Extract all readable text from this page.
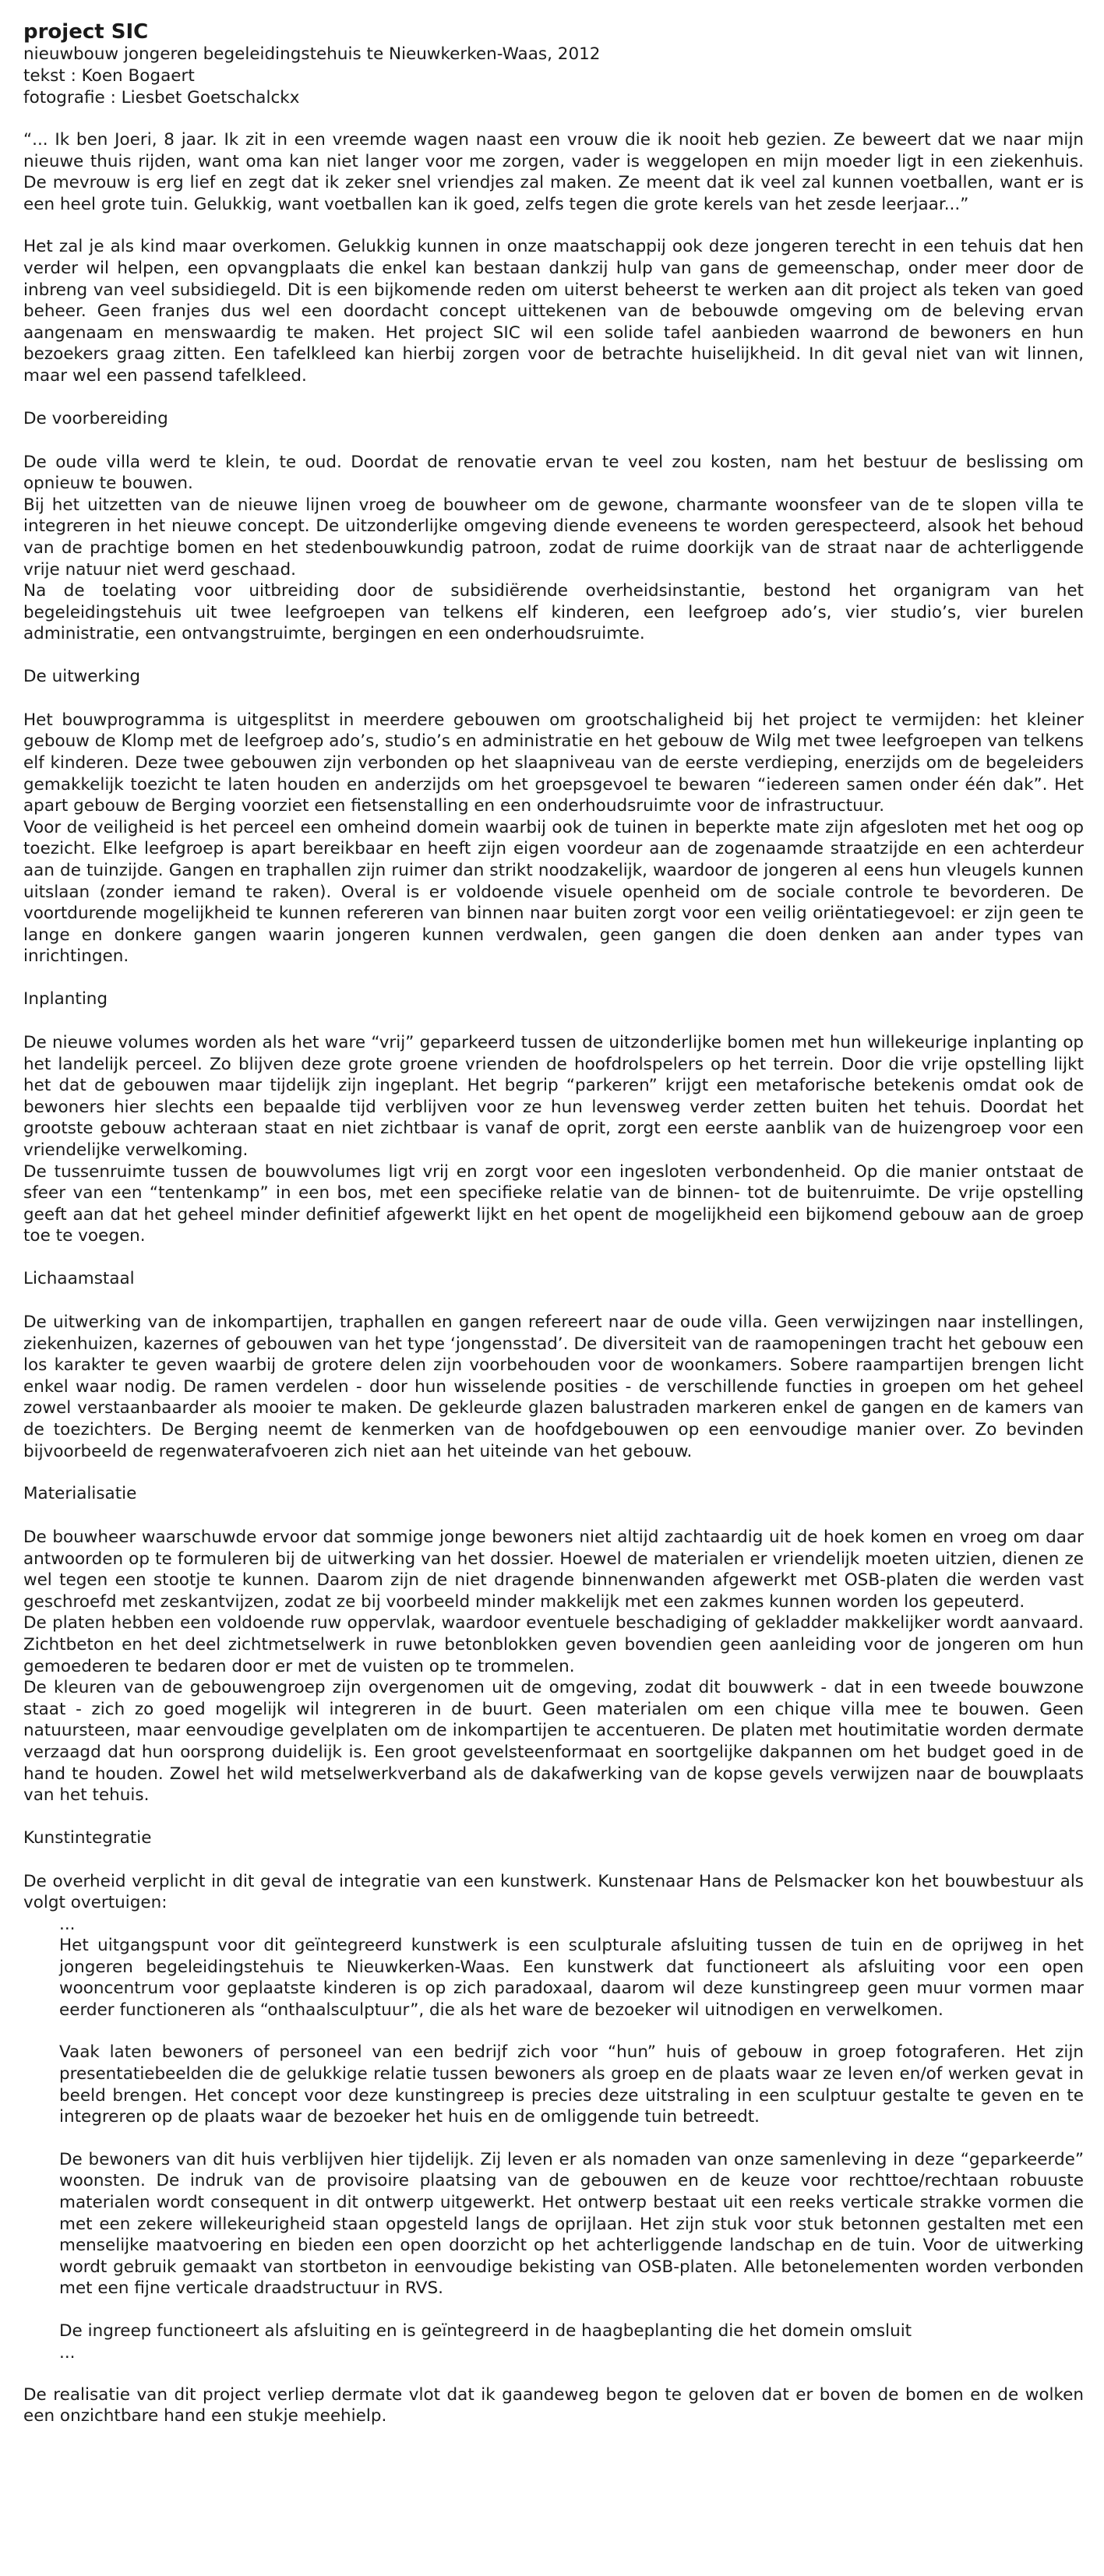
project SIC

nieuwbouw jongeren begeleidingstehuis te Nieuwkerken-Waas, 2012

tekst : Koen Bogaert

fotografie : Liesbet Goetschalckx

“... Ik ben Joeri, 8 jaar. Ik zit in een vreemde wagen naast een vrouw die ik nooit heb gezien. Ze beweert dat we naar mijn nieuwe thuis rijden, want oma kan niet langer voor me zorgen, vader is weggelopen en mijn moeder ligt in een ziekenhuis. De mevrouw is erg lief en zegt dat ik zeker snel vriendjes zal maken. Ze meent dat ik veel zal kunnen voetballen, want er is een heel grote tuin. Gelukkig, want voetballen kan ik goed, zelfs tegen die grote kerels van het zesde leerjaar...”

Het zal je als kind maar overkomen. Gelukkig kunnen in onze maatschappij ook deze jongeren terecht in een tehuis dat hen verder wil helpen, een opvangplaats die enkel kan bestaan dankzij hulp van gans de gemeenschap, onder meer door de inbreng van veel subsidiegeld. Dit is een bijkomende reden om uiterst beheerst te werken aan dit project als teken van goed beheer. Geen franjes dus wel een doordacht concept uittekenen van de bebouwde omgeving om de beleving ervan aangenaam en menswaardig te maken. Het project SIC wil een solide tafel aanbieden waarrond de bewoners en hun bezoekers graag zitten. Een tafelkleed kan hierbij zorgen voor de betrachte huiselijkheid. In dit geval niet van wit linnen, maar wel een passend tafelkleed.

De voorbereiding

De oude villa werd te klein, te oud. Doordat de renovatie ervan te veel zou kosten, nam het bestuur de beslissing om opnieuw te bouwen.

Bij het uitzetten van de nieuwe lijnen vroeg de bouwheer om de gewone, charmante woonsfeer van de te slopen villa te integreren in het nieuwe concept. De uitzonderlijke omgeving diende eveneens te worden gerespecteerd, alsook het behoud van de prachtige bomen en het stedenbouwkundig patroon, zodat de ruime doorkijk van de straat naar de achterliggende vrije natuur niet werd geschaad.

Na de toelating voor uitbreiding door de subsidiërende overheidsinstantie, bestond het organigram van het begeleidingstehuis uit twee leefgroepen van telkens elf kinderen, een leefgroep ado’s, vier studio’s, vier burelen administratie, een ontvangstruimte, bergingen en een onderhoudsruimte.

De uitwerking

Het bouwprogramma is uitgesplitst in meerdere gebouwen om grootschaligheid bij het project te vermijden: het kleiner gebouw de Klomp met de leefgroep ado’s, studio’s en administratie en het gebouw de Wilg met twee leefgroepen van telkens elf kinderen. Deze twee gebouwen zijn verbonden op het slaapniveau van de eerste verdieping, enerzijds om de begeleiders gemakkelijk toezicht te laten houden en anderzijds om het groepsgevoel te bewaren “iedereen samen onder één dak”. Het apart gebouw de Berging voorziet een fietsenstalling en een onderhoudsruimte voor de infrastructuur.

Voor de veiligheid is het perceel een omheind domein waarbij ook de tuinen in beperkte mate zijn afgesloten met het oog op toezicht. Elke leefgroep is apart bereikbaar en heeft zijn eigen voordeur aan de zogenaamde straatzijde en een achterdeur aan de tuinzijde. Gangen en traphallen zijn ruimer dan strikt noodzakelijk, waardoor de jongeren al eens hun vleugels kunnen uitslaan (zonder iemand te raken). Overal is er voldoende visuele openheid om de sociale controle te bevorderen. De voortdurende mogelijkheid te kunnen refereren van binnen naar buiten zorgt voor een veilig oriëntatiegevoel: er zijn geen te lange en donkere gangen waarin jongeren kunnen verdwalen, geen gangen die doen denken aan ander types van inrichtingen.

Inplanting

De nieuwe volumes worden als het ware “vrij” geparkeerd tussen de uitzonderlijke bomen met hun willekeurige inplanting op het landelijk perceel. Zo blijven deze grote groene vrienden de hoofdrolspelers op het terrein. Door die vrije opstelling lijkt het dat de gebouwen maar tijdelijk zijn ingeplant. Het begrip “parkeren” krijgt een metaforische betekenis omdat ook de bewoners hier slechts een bepaalde tijd verblijven voor ze hun levensweg verder zetten buiten het tehuis. Doordat het grootste gebouw achteraan staat en niet zichtbaar is vanaf de oprit, zorgt een eerste aanblik van de huizengroep voor een vriendelijke verwelkoming.

De tussenruimte tussen de bouwvolumes ligt vrij en zorgt voor een ingesloten verbondenheid. Op die manier ontstaat de sfeer van een “tentenkamp” in een bos, met een specifieke relatie van de binnen- tot de buitenruimte. De vrije opstelling geeft aan dat het geheel minder definitief afgewerkt lijkt en het opent de mogelijkheid een bijkomend gebouw aan de groep toe te voegen.

Lichaamstaal

De uitwerking van de inkompartijen, traphallen en gangen refereert naar de oude villa. Geen verwijzingen naar instellingen, ziekenhuizen, kazernes of gebouwen van het type ‘jongensstad’. De diversiteit van de raamopeningen tracht het gebouw een los karakter te geven waarbij de grotere delen zijn voorbehouden voor de woonkamers. Sobere raampartijen brengen licht enkel waar nodig. De ramen verdelen - door hun wisselende posities - de verschillende functies in groepen om het geheel zowel verstaanbaarder als mooier te maken. De gekleurde glazen balustraden markeren enkel de gangen en de kamers van de toezichters. De Berging neemt de kenmerken van de hoofdgebouwen op een eenvoudige manier over. Zo bevinden bijvoorbeeld de regenwaterafvoeren zich niet aan het uiteinde van het gebouw.

Materialisatie

De bouwheer waarschuwde ervoor dat sommige jonge bewoners niet altijd zachtaardig uit de hoek komen en vroeg om daar antwoorden op te formuleren bij de uitwerking van het dossier. Hoewel de materialen er vriendelijk moeten uitzien, dienen ze wel tegen een stootje te kunnen. Daarom zijn de niet dragende binnenwanden afgewerkt met OSB-platen die werden vast geschroefd met zeskantvijzen, zodat ze bij voorbeeld minder makkelijk met een zakmes kunnen worden los gepeuterd.

De platen hebben een voldoende ruw oppervlak, waardoor eventuele beschadiging of gekladder makkelijker wordt aanvaard. Zichtbeton en het deel zichtmetselwerk in ruwe betonblokken geven bovendien geen aanleiding voor de jongeren om hun gemoederen te bedaren door er met de vuisten op te trommelen.

De kleuren van de gebouwengroep zijn overgenomen uit de omgeving, zodat dit bouwwerk - dat in een tweede bouwzone staat - zich zo goed mogelijk wil integreren in de buurt. Geen materialen om een chique villa mee te bouwen. Geen natuursteen, maar eenvoudige gevelplaten om de inkompartijen te accentueren. De platen met houtimitatie worden dermate verzaagd dat hun oorsprong duidelijk is. Een groot gevelsteenformaat en soortgelijke dakpannen om het budget goed in de hand te houden. Zowel het wild metselwerkverband als de dakafwerking van de kopse gevels verwijzen naar de bouwplaats van het tehuis.

Kunstintegratie

De overheid verplicht in dit geval de integratie van een kunstwerk. Kunstenaar Hans de Pelsmacker kon het bouwbestuur als volgt overtuigen:

...

Het uitgangspunt voor dit geïntegreerd kunstwerk is een sculpturale afsluiting tussen de tuin en de oprijweg in het jongeren begeleidingstehuis te Nieuwkerken-Waas. Een kunstwerk dat functioneert als afsluiting voor een open wooncentrum voor geplaatste kinderen is op zich paradoxaal, daarom wil deze kunstingreep geen muur vormen maar eerder functioneren als “onthaalsculptuur”, die als het ware de bezoeker wil uitnodigen en verwelkomen.

Vaak laten bewoners of personeel van een bedrijf zich voor “hun” huis of gebouw in groep fotograferen. Het zijn presentatiebeelden die de gelukkige relatie tussen bewoners als groep en de plaats waar ze leven en/of werken gevat in beeld brengen. Het concept voor deze kunstingreep is precies deze uitstraling in een sculptuur gestalte te geven en te integreren op de plaats waar de bezoeker het huis en de omliggende tuin betreedt.

De bewoners van dit huis verblijven hier tijdelijk. Zij leven er als nomaden van onze samenleving in deze “geparkeerde” woonsten. De indruk van de provisoire plaatsing van de gebouwen en de keuze voor rechttoe/rechtaan robuuste materialen wordt consequent in dit ontwerp uitgewerkt. Het ontwerp bestaat uit een reeks verticale strakke vormen die met een zekere willekeurigheid staan opgesteld langs de oprijlaan. Het zijn stuk voor stuk betonnen gestalten met een menselijke maatvoering en bieden een open doorzicht op het achterliggende landschap en de tuin. Voor de uitwerking wordt gebruik gemaakt van stortbeton in eenvoudige bekisting van OSB-platen. Alle betonelementen worden verbonden met een fijne verticale draadstructuur in RVS.

De ingreep functioneert als afsluiting en is geïntegreerd in de haagbeplanting die het domein omsluit

...

De realisatie van dit project verliep dermate vlot dat ik gaandeweg begon te geloven dat er boven de bomen en de wolken een onzichtbare hand een stukje meehielp.
